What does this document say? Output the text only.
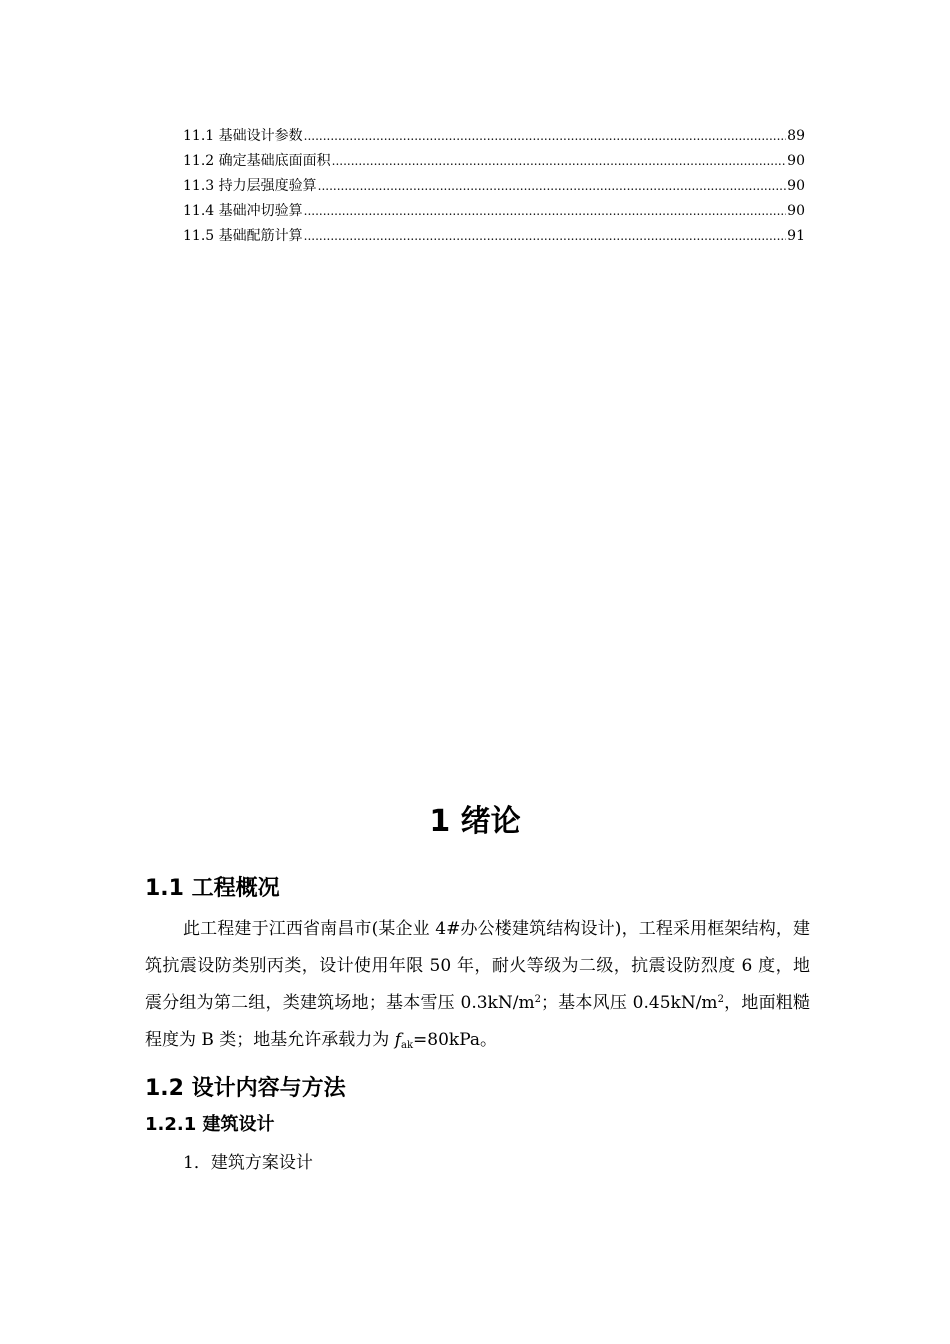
11.1 基础设计参数 .....	89
11.2 确定基础底面面积 .....	90
11.3 持力层强度验算 .....	90
11.4 基础冲切验算 .....	90
11.5 基础配筋计算 .....	91
1 绪论
1.1 工程概况

此工程建于江西省南昌市(某企业 4#办公楼建筑结构设计)，工程采用框架结构，建筑抗震设防类别丙类，设计使用年限 50 年，耐火等级为二级，抗震设防烈度 6 度，地震分组为第二组，类建筑场地；基本雪压 $0.3kN/m^2$；基本风压 $0.45kN/m^2$，地面粗糙程度为 B 类；地基允许承载力为 $f_{ak}=80kPa$。

1.2 设计内容与方法
1.2.1 建筑设计

1．建筑方案设计
